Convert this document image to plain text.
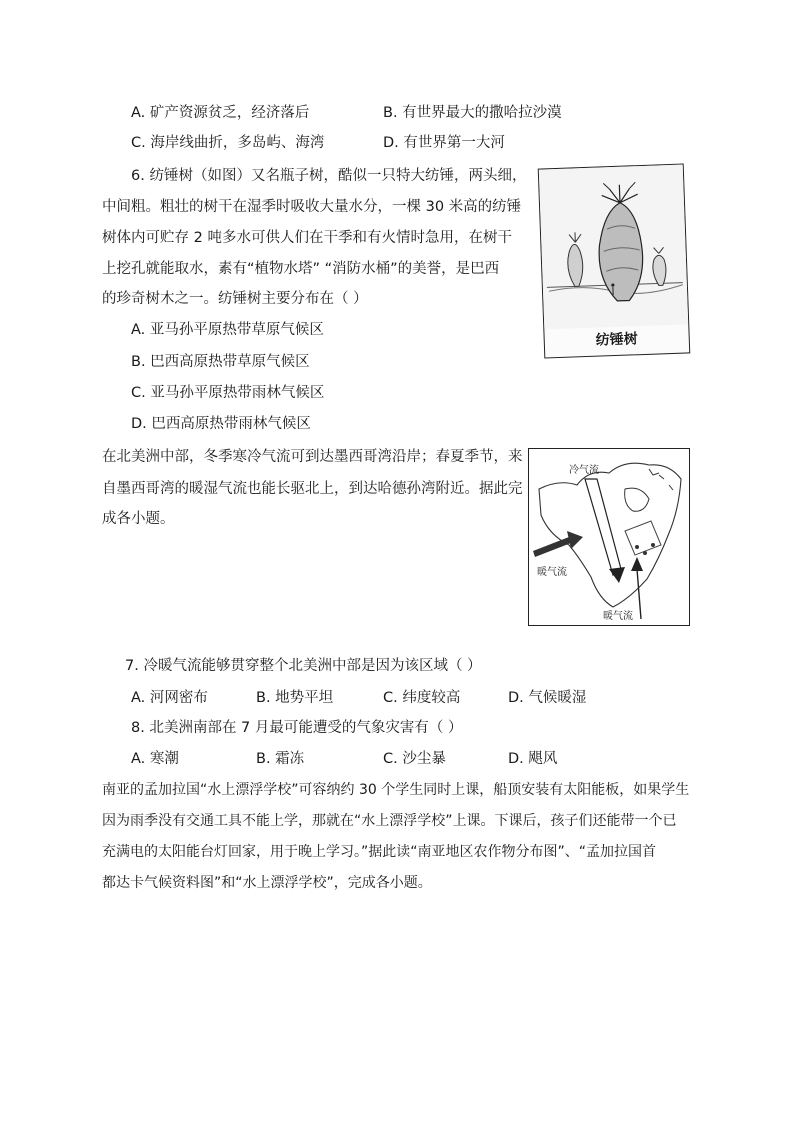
A. 矿产资源贫乏，经济落后	B. 有世界最大的撒哈拉沙漠
C. 海岸线曲折，多岛屿、海湾	D. 有世界第一大河
6. 纺锤树（如图）又名瓶子树，酷似一只特大纺锤，两头细，
中间粗。粗壮的树干在湿季时吸收大量水分，一棵 30 米高的纺锤
树体内可贮存 2 吨多水可供人们在干季和有火情时急用，在树干
上挖孔就能取水，素有“植物水塔” “消防水桶”的美誉，是巴西
的珍奇树木之一。纺锤树主要分布在（ ）
A. 亚马孙平原热带草原气候区
B. 巴西高原热带草原气候区
C. 亚马孙平原热带雨林气候区
D. 巴西高原热带雨林气候区
纺锤树
在北美洲中部，冬季寒冷气流可到达墨西哥湾沿岸；春夏季节，来
自墨西哥湾的暖湿气流也能长驱北上，到达哈德孙湾附近。据此完
成各小题。
冷气流
暖气流
暖气流
7. 冷暖气流能够贯穿整个北美洲中部是因为该区域（ ）
A. 河网密布	B. 地势平坦	C. 纬度较高	D. 气候暖湿
8. 北美洲南部在 7 月最可能遭受的气象灾害有（ ）
A. 寒潮	B. 霜冻	C. 沙尘暴	D. 飓风
南亚的孟加拉国“水上漂浮学校”可容纳约 30 个学生同时上课，船顶安装有太阳能板，如果学生
因为雨季没有交通工具不能上学，那就在“水上漂浮学校”上课。下课后，孩子们还能带一个已
充满电的太阳能台灯回家，用于晚上学习。”据此读“南亚地区农作物分布图”、“孟加拉国首
都达卡气候资料图”和“水上漂浮学校”，完成各小题。
